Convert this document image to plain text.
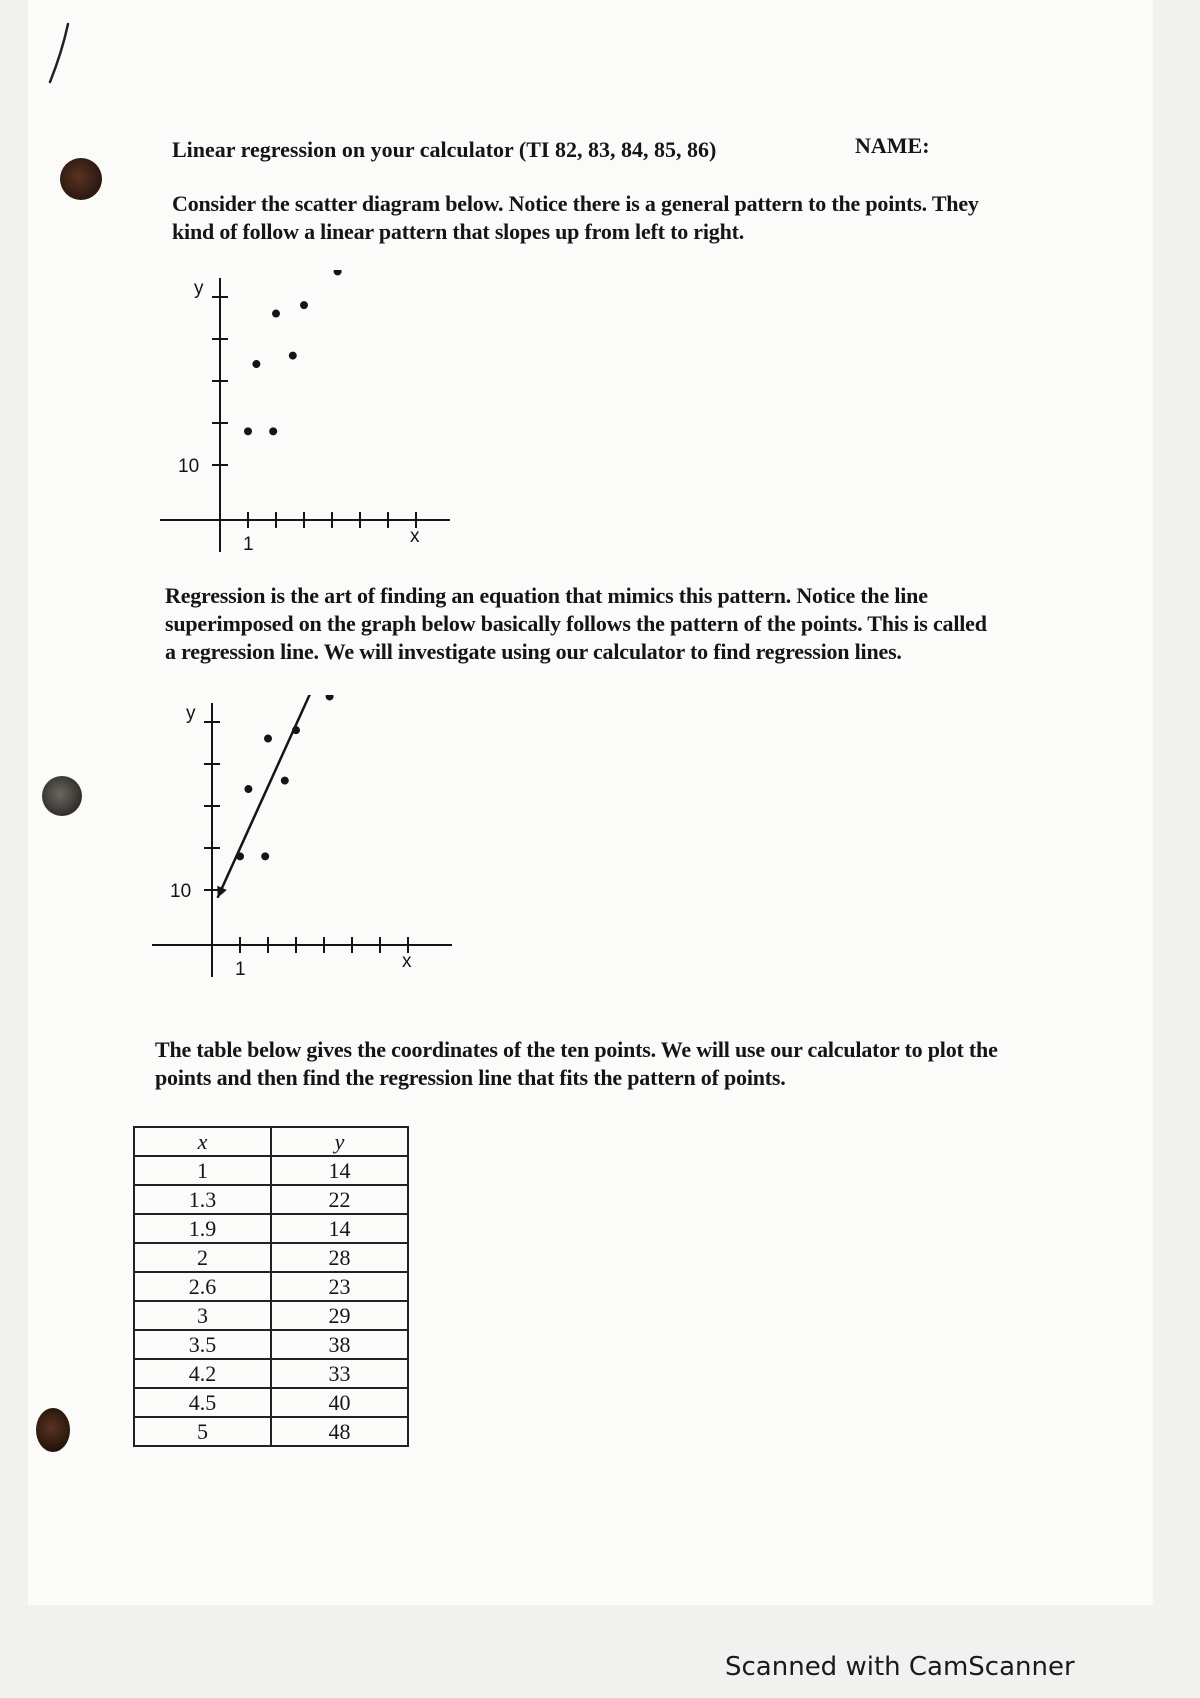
Linear regression on your calculator (TI 82, 83, 84, 85, 86)	NAME:
Consider the scatter diagram below. Notice there is a general pattern to the points. They kind of follow a linear pattern that slopes up from left to right.
y
x
10
1
Regression is the art of finding an equation that mimics this pattern. Notice the line superimposed on the graph below basically follows the pattern of the points. This is called a regression line. We will investigate using our calculator to find regression lines.
y
x
10
1
The table below gives the coordinates of the ten points. We will use our calculator to plot the points and then find the regression line that fits the pattern of points.
x	y
1	14
1.3	22
1.9	14
2	28
2.6	23
3	29
3.5	38
4.2	33
4.5	40
5	48
Scanned with CamScanner
